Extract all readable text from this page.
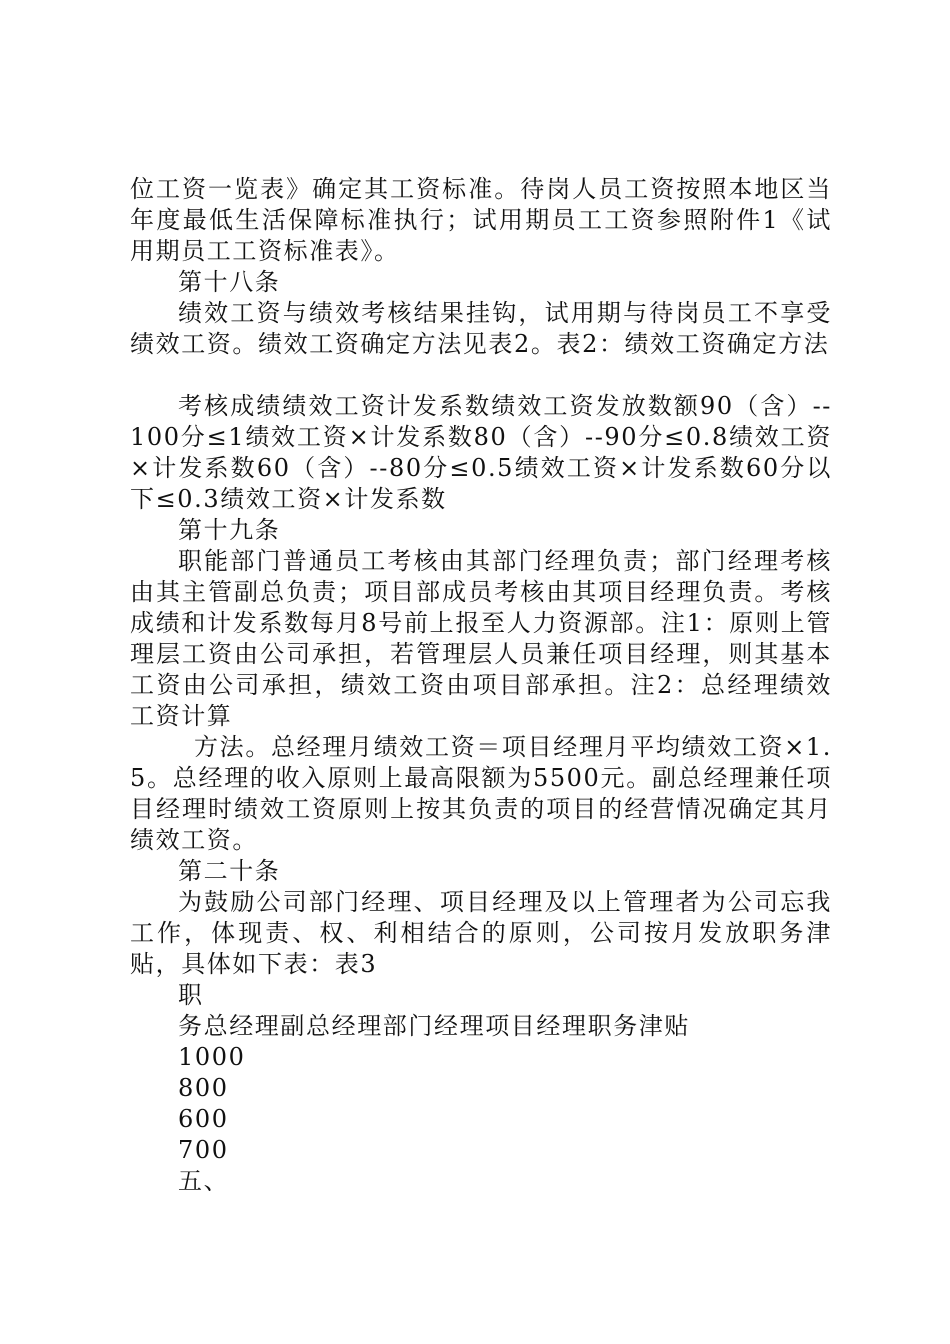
位工资一览表》确定其工资标准。待岗人员工资按照本地区当年度最低生活保障标准执行；试用期员工工资参照附件1《试用期员工工资标准表》。

第十八条

绩效工资与绩效考核结果挂钩，试用期与待岗员工不享受绩效工资。绩效工资确定方法见表2。表2：绩效工资确定方法

考核成绩绩效工资计发系数绩效工资发放数额90（含）--100分≤1绩效工资×计发系数80（含）--90分≤0.8绩效工资×计发系数60（含）--80分≤0.5绩效工资×计发系数60分以下≤0.3绩效工资×计发系数

第十九条

职能部门普通员工考核由其部门经理负责；部门经理考核由其主管副总负责；项目部成员考核由其项目经理负责。考核成绩和计发系数每月8号前上报至人力资源部。注1：原则上管理层工资由公司承担，若管理层人员兼任项目经理，则其基本工资由公司承担，绩效工资由项目部承担。注2：总经理绩效工资计算

方法。总经理月绩效工资＝项目经理月平均绩效工资×1.5。总经理的收入原则上最高限额为5500元。副总经理兼任项目经理时绩效工资原则上按其负责的项目的经营情况确定其月绩效工资。

第二十条

为鼓励公司部门经理、项目经理及以上管理者为公司忘我工作，体现责、权、利相结合的原则，公司按月发放职务津贴，具体如下表：表3

职

务总经理副总经理部门经理项目经理职务津贴

1000

800

600

700

五、
